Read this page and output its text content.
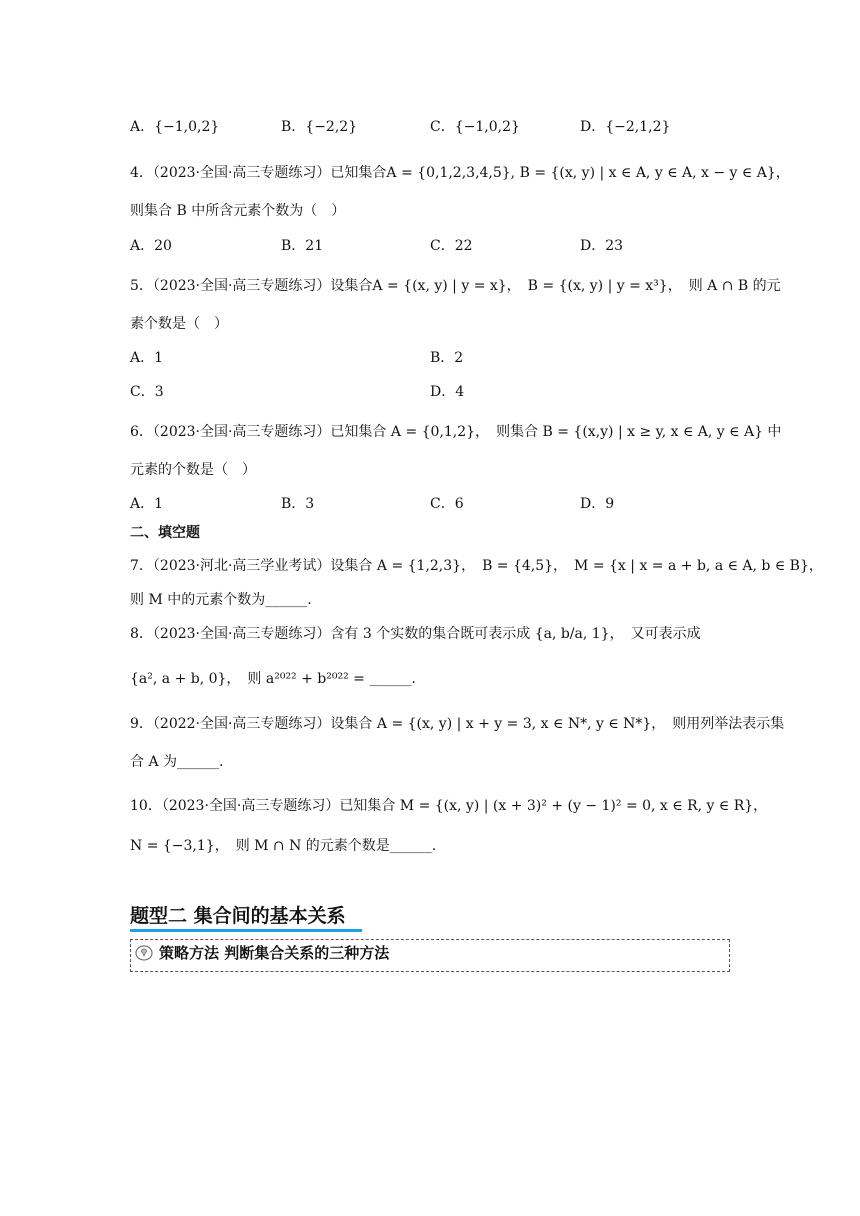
A．{−1,0,2}	B．{−2,2}	C．{−1,0,2}	D．{−2,1,2}
4．（2023·全国·高三专题练习）已知集合A = {0,1,2,3,4,5}, B = {(x, y) | x ∈ A, y ∈ A, x − y ∈ A}，
则集合 B 中所含元素个数为（　）
A．20	B．21	C．22	D．23
5．（2023·全国·高三专题练习）设集合A = {(x, y) | y = x}，　B = {(x, y) | y = x³}，　则 A ∩ B 的元
素个数是（　）
A．1	B．2
C．3	D．4
6．（2023·全国·高三专题练习）已知集合 A = {0,1,2}，　则集合 B = {(x,y) | x ≥ y, x ∈ A, y ∈ A} 中
元素的个数是（　）
A．1	B．3	C．6	D．9
二、填空题
7．（2023·河北·高三学业考试）设集合 A = {1,2,3}，　B = {4,5}，　M = {x | x = a + b, a ∈ A, b ∈ B}，
则 M 中的元素个数为______.
8．（2023·全国·高三专题练习）含有 3 个实数的集合既可表示成 {a, b/a, 1}，　又可表示成
{a², a + b, 0}，　则 a²⁰²² + b²⁰²² = ______.
9．（2022·全国·高三专题练习）设集合 A = {(x, y) | x + y = 3, x ∈ N*, y ∈ N*}，　则用列举法表示集
合 A 为______.
10．（2023·全国·高三专题练习）已知集合 M = {(x, y) | (x + 3)² + (y − 1)² = 0, x ∈ R, y ∈ R}，
N = {−3,1}，　则 M ∩ N 的元素个数是______.
题型二 集合间的基本关系
策略方法 判断集合关系的三种方法
